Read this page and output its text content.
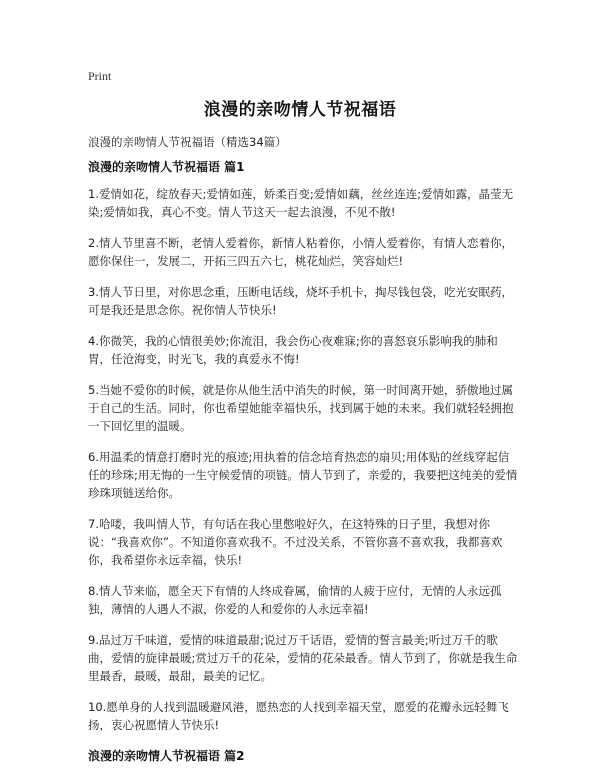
Print
浪漫的亲吻情人节祝福语
浪漫的亲吻情人节祝福语（精选34篇）
浪漫的亲吻情人节祝福语 篇1

1.爱情如花，绽放春天;爱情如莲，娇柔百变;爱情如藕，丝丝连连;爱情如露，晶莹无染;爱情如我，真心不变。情人节这天一起去浪漫，不见不散!

2.情人节里喜不断，老情人爱着你，新情人粘着你，小情人爱着你，有情人恋着你，愿你保住一，发展二，开拓三四五六七，桃花灿烂，笑容灿烂!

3.情人节日里，对你思念重，压断电话线，烧坏手机卡，掏尽钱包袋，吃光安眠药，可是我还是思念你。祝你情人节快乐!

4.你微笑，我的心情很美妙;你流泪，我会伤心夜难寐;你的喜怒哀乐影响我的肺和胃，任沧海变，时光飞，我的真爱永不悔!

5.当她不爱你的时候，就是你从他生活中消失的时候，第一时间离开她，骄傲地过属于自己的生活。同时，你也希望她能幸福快乐，找到属于她的未来。我们就轻轻拥抱一下回忆里的温暖。

6.用温柔的情意打磨时光的痕迹;用执着的信念培育热恋的扇贝;用体贴的丝线穿起信任的珍珠;用无悔的一生守候爱情的项链。情人节到了，亲爱的，我要把这纯美的爱情珍珠项链送给你。

7.哈喽，我叫情人节，有句话在我心里憋啦好久，在这特殊的日子里，我想对你说：“我喜欢你”。不知道你喜欢我不。不过没关系，不管你喜不喜欢我，我都喜欢你，我希望你永远幸福，快乐!

8.情人节来临，愿全天下有情的人终成眷属，偷情的人疲于应付，无情的人永远孤独，薄情的人遇人不淑，你爱的人和爱你的人永远幸福!

9.品过万千味道，爱情的味道最甜;说过万千话语，爱情的誓言最美;听过万千的歌曲，爱情的旋律最暖;赏过万千的花朵，爱情的花朵最香。情人节到了，你就是我生命里最香，最暖，最甜，最美的记忆。

10.愿单身的人找到温暖避风港，愿热恋的人找到幸福天堂，愿爱的花瓣永远轻舞飞扬，衷心祝愿情人节快乐!

浪漫的亲吻情人节祝福语 篇2
